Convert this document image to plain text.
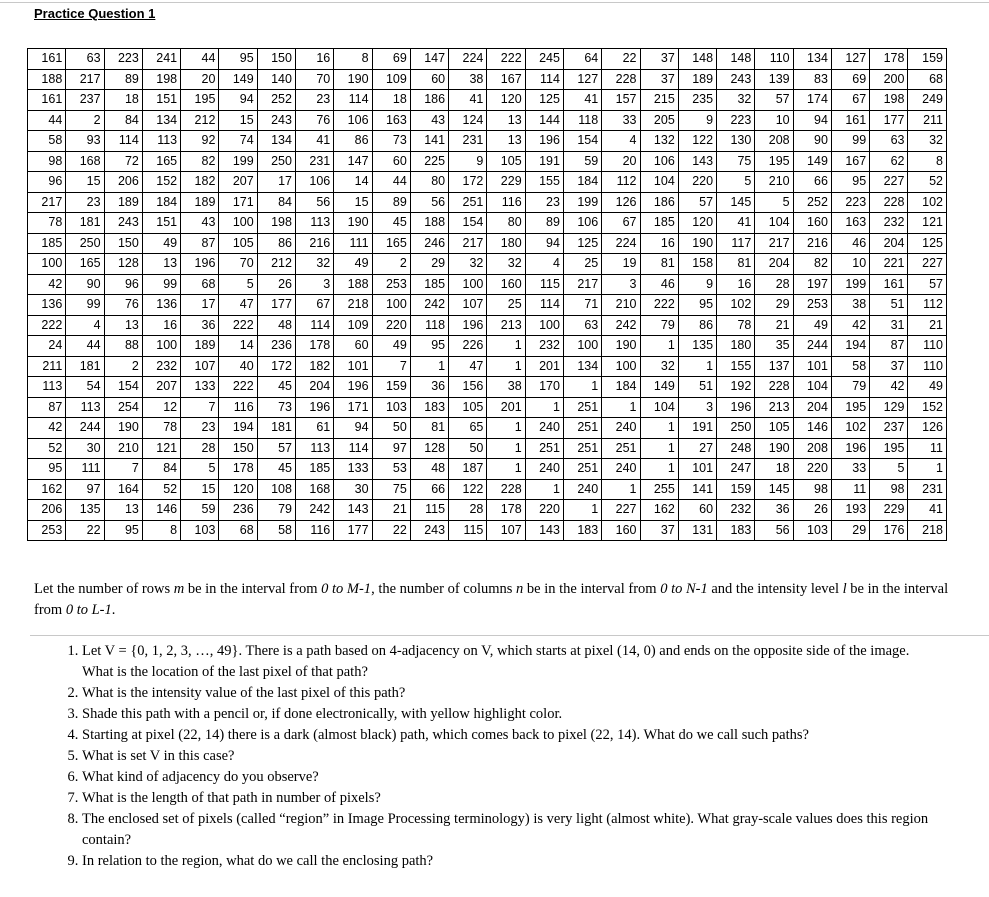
Practice Question 1
161	63	223	241	44	95	150	16	8	69	147	224	222	245	64	22	37	148	148	110	134	127	178	159
188	217	89	198	20	149	140	70	190	109	60	38	167	114	127	228	37	189	243	139	83	69	200	68
161	237	18	151	195	94	252	23	114	18	186	41	120	125	41	157	215	235	32	57	174	67	198	249
44	2	84	134	212	15	243	76	106	163	43	124	13	144	118	33	205	9	223	10	94	161	177	211
58	93	114	113	92	74	134	41	86	73	141	231	13	196	154	4	132	122	130	208	90	99	63	32
98	168	72	165	82	199	250	231	147	60	225	9	105	191	59	20	106	143	75	195	149	167	62	8
96	15	206	152	182	207	17	106	14	44	80	172	229	155	184	112	104	220	5	210	66	95	227	52
217	23	189	184	189	171	84	56	15	89	56	251	116	23	199	126	186	57	145	5	252	223	228	102
78	181	243	151	43	100	198	113	190	45	188	154	80	89	106	67	185	120	41	104	160	163	232	121
185	250	150	49	87	105	86	216	111	165	246	217	180	94	125	224	16	190	117	217	216	46	204	125
100	165	128	13	196	70	212	32	49	2	29	32	32	4	25	19	81	158	81	204	82	10	221	227
42	90	96	99	68	5	26	3	188	253	185	100	160	115	217	3	46	9	16	28	197	199	161	57
136	99	76	136	17	47	177	67	218	100	242	107	25	114	71	210	222	95	102	29	253	38	51	112
222	4	13	16	36	222	48	114	109	220	118	196	213	100	63	242	79	86	78	21	49	42	31	21
24	44	88	100	189	14	236	178	60	49	95	226	1	232	100	190	1	135	180	35	244	194	87	110
211	181	2	232	107	40	172	182	101	7	1	47	1	201	134	100	32	1	155	137	101	58	37	110
113	54	154	207	133	222	45	204	196	159	36	156	38	170	1	184	149	51	192	228	104	79	42	49
87	113	254	12	7	116	73	196	171	103	183	105	201	1	251	1	104	3	196	213	204	195	129	152
42	244	190	78	23	194	181	61	94	50	81	65	1	240	251	240	1	191	250	105	146	102	237	126
52	30	210	121	28	150	57	113	114	97	128	50	1	251	251	251	1	27	248	190	208	196	195	11
95	111	7	84	5	178	45	185	133	53	48	187	1	240	251	240	1	101	247	18	220	33	5	1
162	97	164	52	15	120	108	168	30	75	66	122	228	1	240	1	255	141	159	145	98	11	98	231
206	135	13	146	59	236	79	242	143	21	115	28	178	220	1	227	162	60	232	36	26	193	229	41
253	22	95	8	103	68	58	116	177	22	243	115	107	143	183	160	37	131	183	56	103	29	176	218
Let the number of rows m be in the interval from 0 to M-1, the number of columns n be in the interval from 0 to N-1 and the intensity level l be in the interval from 0 to L-1.
1. Let V = {0, 1, 2, 3, …, 49}. There is a path based on 4-adjacency on V, which starts at pixel (14, 0) and ends on the opposite side of the image. What is the location of the last pixel of that path?
2. What is the intensity value of the last pixel of this path?
3. Shade this path with a pencil or, if done electronically, with yellow highlight color.
4. Starting at pixel (22, 14) there is a dark (almost black) path, which comes back to pixel (22, 14). What do we call such paths?
5. What is set V in this case?
6. What kind of adjacency do you observe?
7. What is the length of that path in number of pixels?
8. The enclosed set of pixels (called “region” in Image Processing terminology) is very light (almost white). What gray-scale values does this region contain?
9. In relation to the region, what do we call the enclosing path?
